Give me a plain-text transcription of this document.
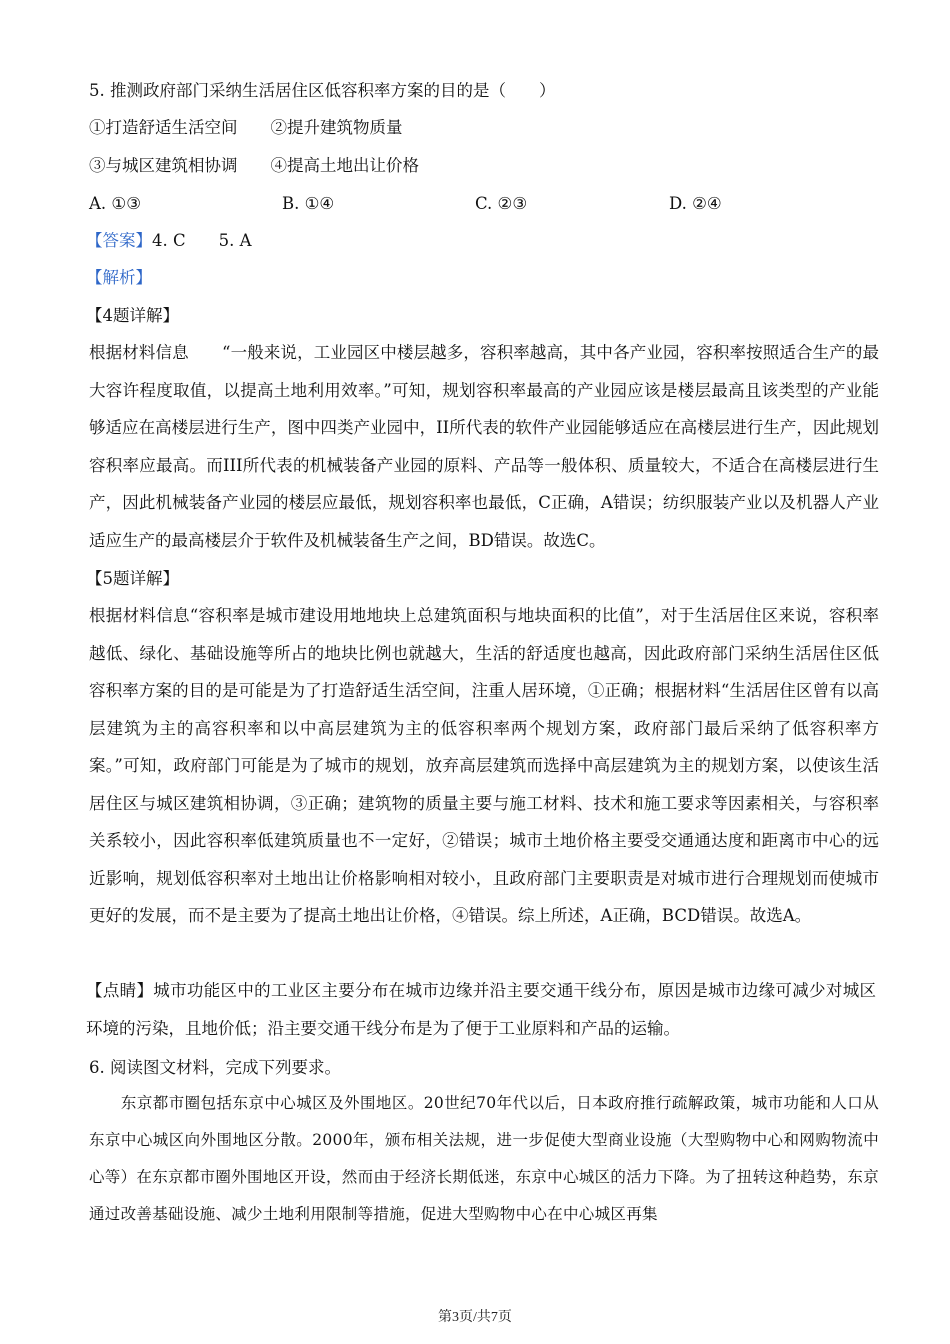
5. 推测政府部门采纳生活居住区低容积率方案的目的是（　　）
①打造舒适生活空间　　②提升建筑物质量
③与城区建筑相协调　　④提高土地出让价格
A. ①③	B. ①④	C. ②③	D. ②④
【答案】4. C　　5. A
【解析】
【4题详解】
根据材料信息　　“一般来说，工业园区中楼层越多，容积率越高，其中各产业园，容积率按照适合生产的最大容许程度取值，以提高土地利用效率。”可知，规划容积率最高的产业园应该是楼层最高且该类型的产业能够适应在高楼层进行生产，图中四类产业园中，II所代表的软件产业园能够适应在高楼层进行生产，因此规划容积率应最高。而III所代表的机械装备产业园的原料、产品等一般体积、质量较大，不适合在高楼层进行生产，因此机械装备产业园的楼层应最低，规划容积率也最低，C正确，A错误；纺织服装产业以及机器人产业适应生产的最高楼层介于软件及机械装备生产之间，BD错误。故选C。
【5题详解】
根据材料信息“容积率是城市建设用地地块上总建筑面积与地块面积的比值”，对于生活居住区来说，容积率越低、绿化、基础设施等所占的地块比例也就越大，生活的舒适度也越高，因此政府部门采纳生活居住区低容积率方案的目的是可能是为了打造舒适生活空间，注重人居环境，①正确；根据材料“生活居住区曾有以高层建筑为主的高容积率和以中高层建筑为主的低容积率两个规划方案，政府部门最后采纳了低容积率方案。”可知，政府部门可能是为了城市的规划，放弃高层建筑而选择中高层建筑为主的规划方案，以使该生活居住区与城区建筑相协调，③正确；建筑物的质量主要与施工材料、技术和施工要求等因素相关，与容积率关系较小，因此容积率低建筑质量也不一定好，②错误；城市土地价格主要受交通通达度和距离市中心的远近影响，规划低容积率对土地出让价格影响相对较小，且政府部门主要职责是对城市进行合理规划而使城市更好的发展，而不是主要为了提高土地出让价格，④错误。综上所述，A正确，BCD错误。故选A。
【点睛】城市功能区中的工业区主要分布在城市边缘并沿主要交通干线分布，原因是城市边缘可减少对城区环境的污染，且地价低；沿主要交通干线分布是为了便于工业原料和产品的运输。
6. 阅读图文材料，完成下列要求。
　　东京都市圈包括东京中心城区及外围地区。20世纪70年代以后，日本政府推行疏解政策，城市功能和人口从东京中心城区向外围地区分散。2000年，颁布相关法规，进一步促使大型商业设施（大型购物中心和网购物流中心等）在东京都市圈外围地区开设，然而由于经济长期低迷，东京中心城区的活力下降。为了扭转这种趋势，东京通过改善基础设施、减少土地利用限制等措施，促进大型购物中心在中心城区再集
第3页/共7页
